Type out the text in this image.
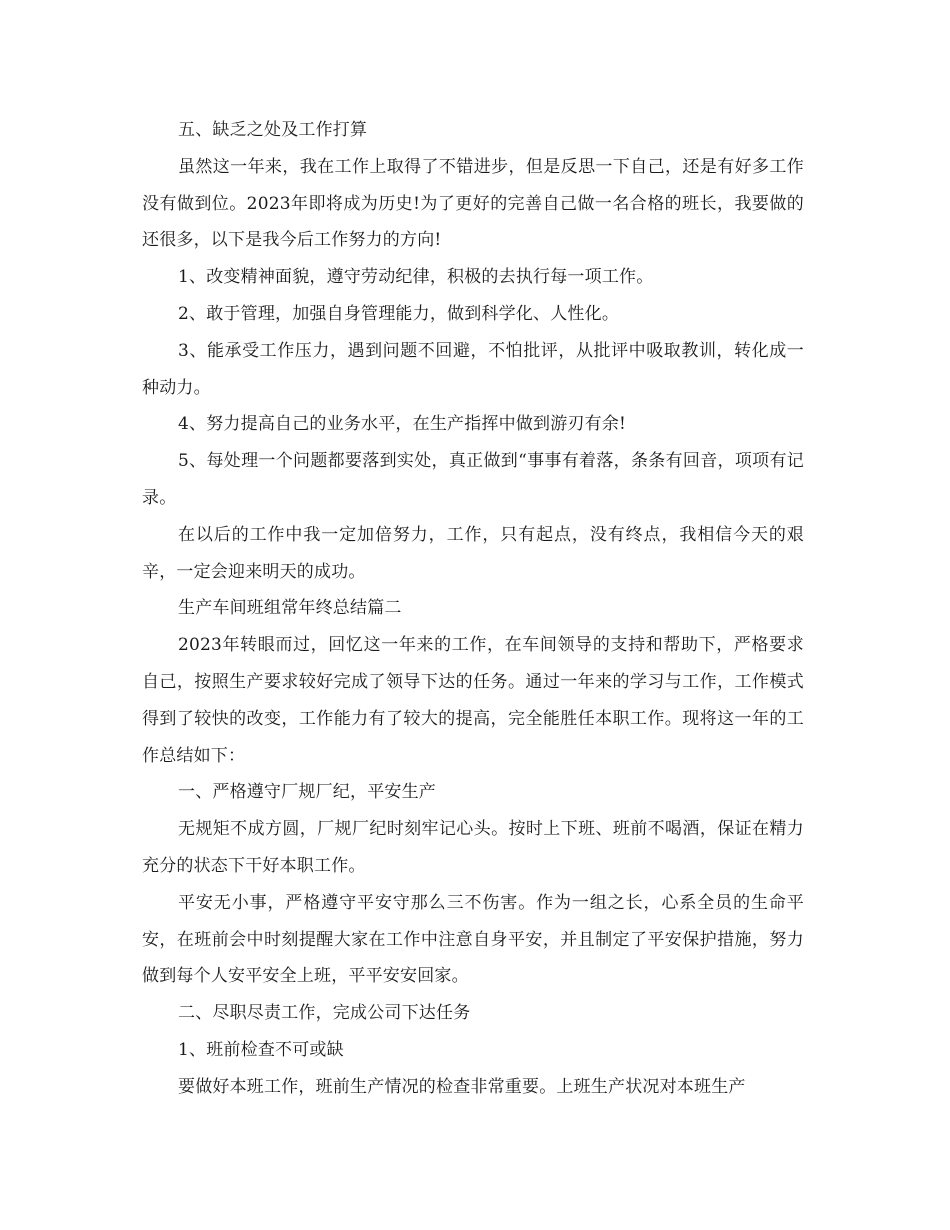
五、缺乏之处及工作打算

虽然这一年来，我在工作上取得了不错进步，但是反思一下自己，还是有好多工作没有做到位。2023年即将成为历史!为了更好的完善自己做一名合格的班长，我要做的还很多，以下是我今后工作努力的方向!

1、改变精神面貌，遵守劳动纪律，积极的去执行每一项工作。

2、敢于管理，加强自身管理能力，做到科学化、人性化。

3、能承受工作压力，遇到问题不回避，不怕批评，从批评中吸取教训，转化成一种动力。

4、努力提高自己的业务水平，在生产指挥中做到游刃有余!

5、每处理一个问题都要落到实处，真正做到“事事有着落，条条有回音，项项有记录。

在以后的工作中我一定加倍努力，工作，只有起点，没有终点，我相信今天的艰辛，一定会迎来明天的成功。

生产车间班组常年终总结篇二

2023年转眼而过，回忆这一年来的工作，在车间领导的支持和帮助下，严格要求自己，按照生产要求较好完成了领导下达的任务。通过一年来的学习与工作，工作模式得到了较快的改变，工作能力有了较大的提高，完全能胜任本职工作。现将这一年的工作总结如下：

一、严格遵守厂规厂纪，平安生产

无规矩不成方圆，厂规厂纪时刻牢记心头。按时上下班、班前不喝酒，保证在精力充分的状态下干好本职工作。

平安无小事，严格遵守平安守那么三不伤害。作为一组之长，心系全员的生命平安，在班前会中时刻提醒大家在工作中注意自身平安，并且制定了平安保护措施，努力做到每个人安平安全上班，平平安安回家。

二、尽职尽责工作，完成公司下达任务

1、班前检查不可或缺

要做好本班工作，班前生产情况的检查非常重要。上班生产状况对本班生产
